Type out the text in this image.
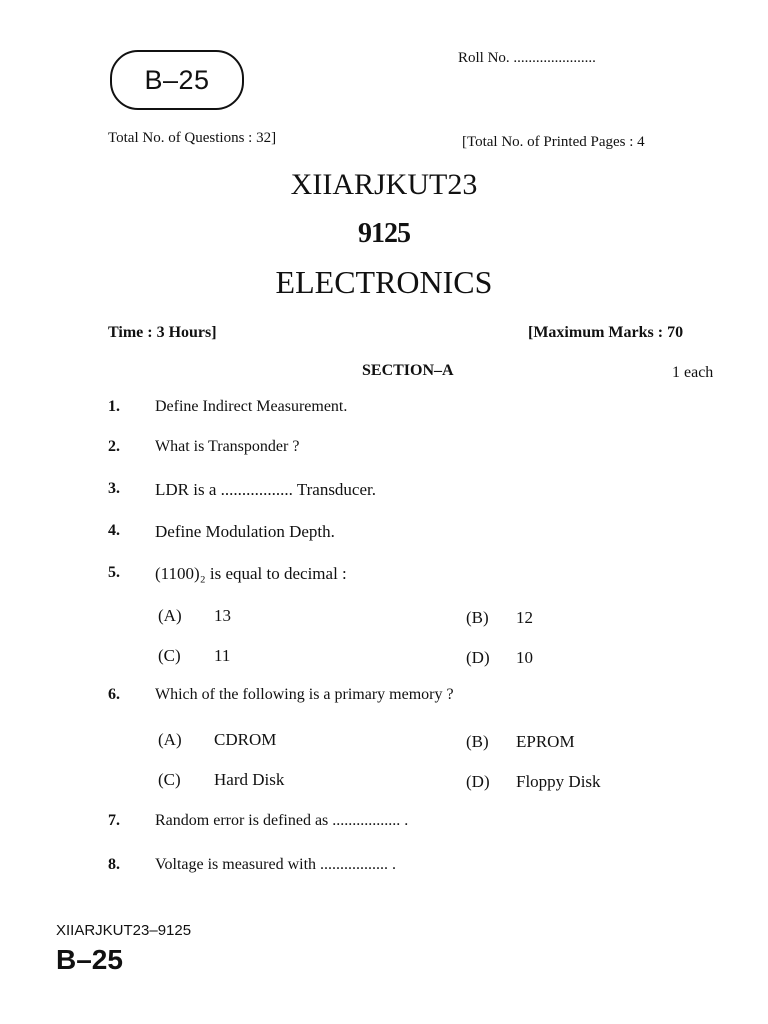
B–25
Roll No. ......................
Total No. of Questions : 32]	[Total No. of Printed Pages : 4
XIIARJKUT23
9125
ELECTRONICS
Time : 3 Hours]	[Maximum Marks : 70
SECTION–A	1 each
1. Define Indirect Measurement.
2. What is Transponder ?
3. LDR is a ................. Transducer.
4. Define Modulation Depth.
5. (1100)₂ is equal to decimal :
(A) 13	(B) 12
(C) 11	(D) 10
6. Which of the following is a primary memory ?
(A) CDROM	(B) EPROM
(C) Hard Disk	(D) Floppy Disk
7. Random error is defined as ................. .
8. Voltage is measured with ................. .
XIIARJKUT23–9125
B–25
